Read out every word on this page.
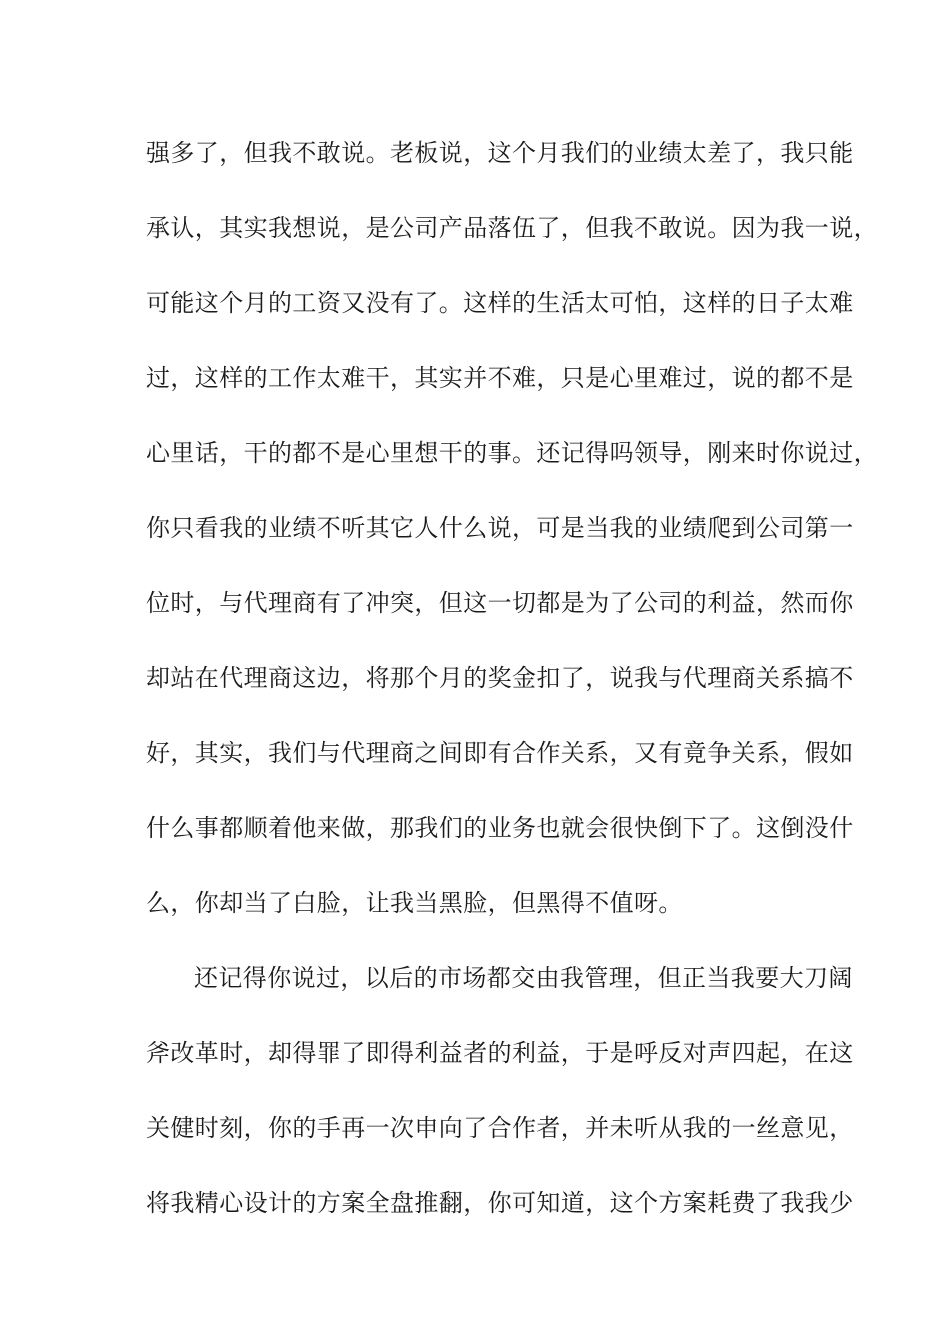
强多了，但我不敢说。老板说，这个月我们的业绩太差了，我只能
承认，其实我想说，是公司产品落伍了，但我不敢说。因为我一说，
可能这个月的工资又没有了。这样的生活太可怕，这样的日子太难
过，这样的工作太难干，其实并不难，只是心里难过，说的都不是
心里话，干的都不是心里想干的事。还记得吗领导，刚来时你说过，
你只看我的业绩不听其它人什么说，可是当我的业绩爬到公司第一
位时，与代理商有了冲突，但这一切都是为了公司的利益，然而你
却站在代理商这边，将那个月的奖金扣了，说我与代理商关系搞不
好，其实，我们与代理商之间即有合作关系，又有竟争关系，假如
什么事都顺着他来做，那我们的业务也就会很快倒下了。这倒没什
么，你却当了白脸，让我当黑脸，但黑得不值呀。
还记得你说过，以后的市场都交由我管理，但正当我要大刀阔
斧改革时，却得罪了即得利益者的利益，于是呼反对声四起，在这
关健时刻，你的手再一次申向了合作者，并未听从我的一丝意见，
将我精心设计的方案全盘推翻，你可知道，这个方案耗费了我我少
